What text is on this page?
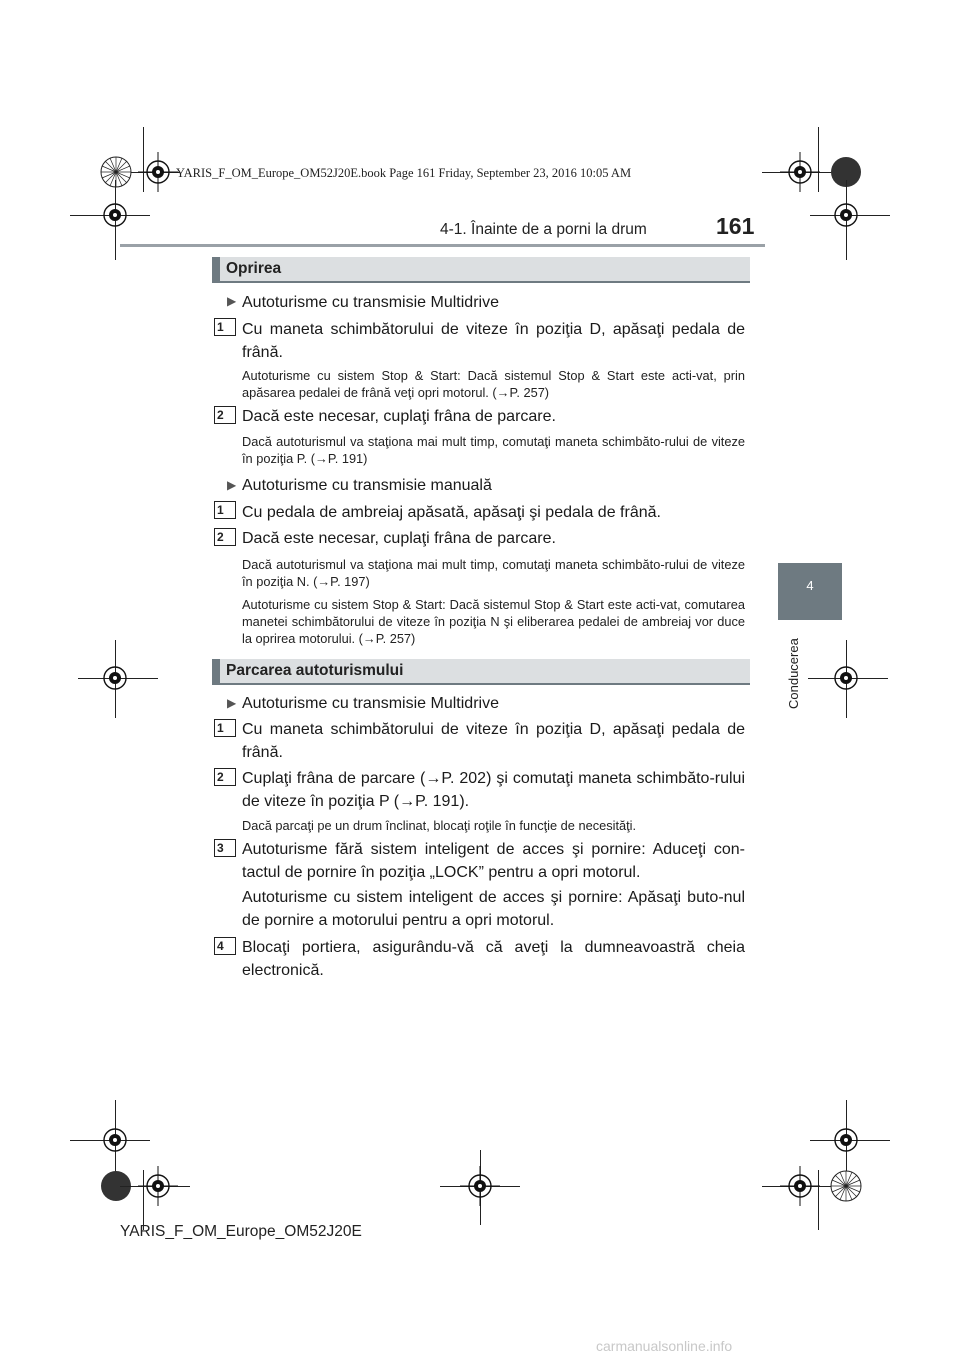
YARIS_F_OM_Europe_OM52J20E.book Page 161 Friday, September 23, 2016 10:05 AM
4-1. Înainte de a porni la drum	161
4
Conducerea
Oprirea
▶ Autoturisme cu transmisie Multidrive
1	Cu maneta schimbătorului de viteze în poziţia D, apăsaţi pedala de frână.
Autoturisme cu sistem Stop & Start: Dacă sistemul Stop & Start este acti-vat, prin apăsarea pedalei de frână veţi opri motorul. (→P. 257)
2	Dacă este necesar, cuplaţi frâna de parcare.
Dacă autoturismul va staţiona mai mult timp, comutaţi maneta schimbăto-rului de viteze în poziţia P. (→P. 191)
▶ Autoturisme cu transmisie manuală
1	Cu pedala de ambreiaj apăsată, apăsaţi şi pedala de frână.
2	Dacă este necesar, cuplaţi frâna de parcare.
Dacă autoturismul va staţiona mai mult timp, comutaţi maneta schimbăto-rului de viteze în poziţia N. (→P. 197)
Autoturisme cu sistem Stop & Start: Dacă sistemul Stop & Start este acti-vat, comutarea manetei schimbătorului de viteze în poziţia N şi eliberarea pedalei de ambreiaj vor duce la oprirea motorului. (→P. 257)
Parcarea autoturismului
▶ Autoturisme cu transmisie Multidrive
1	Cu maneta schimbătorului de viteze în poziţia D, apăsaţi pedala de frână.
2	Cuplaţi frâna de parcare (→P. 202) şi comutaţi maneta schimbăto-rului de viteze în poziţia P (→P. 191).
Dacă parcaţi pe un drum înclinat, blocaţi roţile în funcţie de necesităţi.
3	Autoturisme fără sistem inteligent de acces şi pornire: Aduceţi con-tactul de pornire în poziţia „LOCK” pentru a opri motorul.
Autoturisme cu sistem inteligent de acces şi pornire: Apăsaţi buto-nul de pornire a motorului pentru a opri motorul.
4	Blocaţi portiera, asigurându-vă că aveţi la dumneavoastră cheia electronică.
YARIS_F_OM_Europe_OM52J20E
carmanualsonline.info
